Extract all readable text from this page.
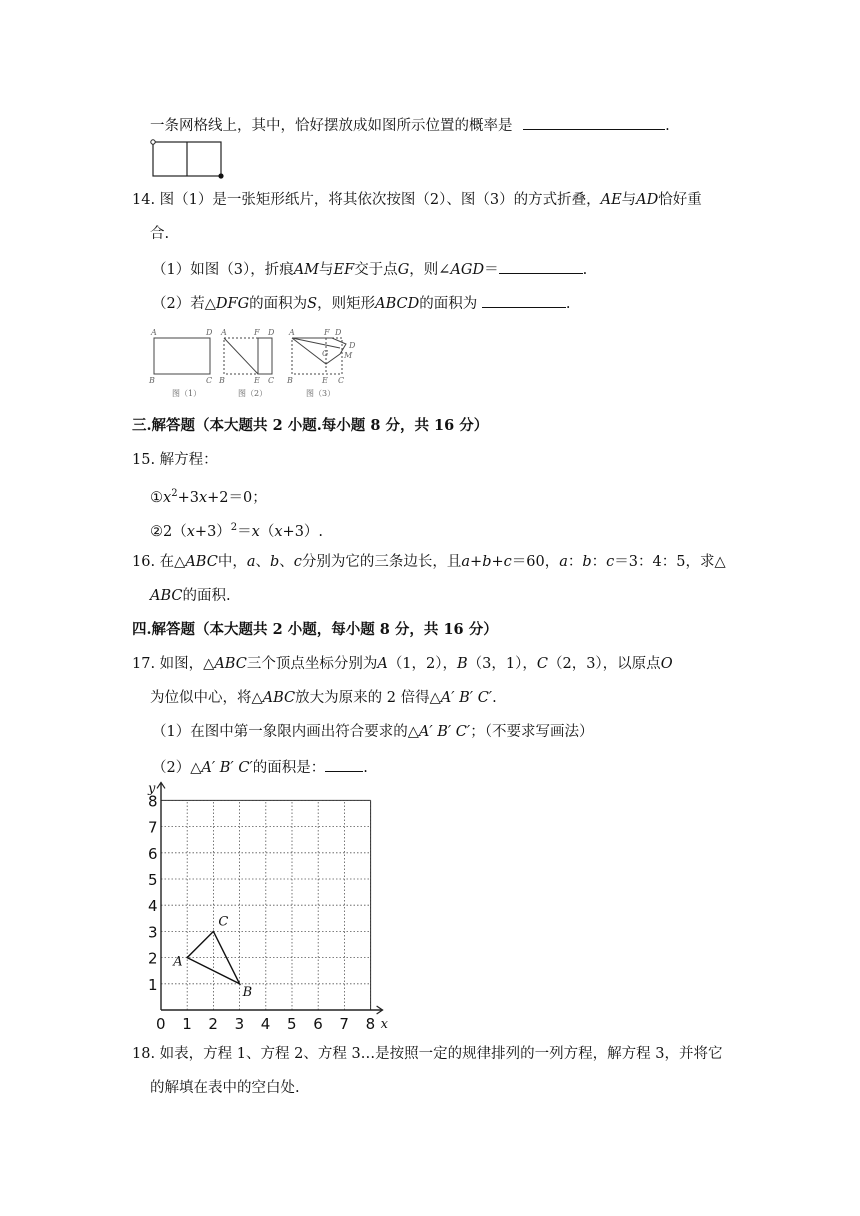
一条网格线上，其中，恰好摆放成如图所示位置的概率是	.
14. 图（1）是一张矩形纸片，将其依次按图（2）、图（3）的方式折叠，AE与AD恰好重
合.
（1）如图（3），折痕AM与EF交于点G，则∠AGD＝	.
（2）若△DFG的面积为S，则矩形ABCD的面积为	.
A	D
B	C
图（1）
A	F D
B	E C
图（2）
A	F D
D
G M
B	E C
图（3）
三.解答题（本大题共 2 小题.每小题 8 分，共 16 分）
15. 解方程：
$①x^2+3x+2=0$；
$②2(x+3)^2=x(x+3)$.
16. 在△ABC中，a、b、c分别为它的三条边长，且a+b+c＝60，a：b：c＝3：4：5，求△
ABC的面积.
四.解答题（本大题共 2 小题，每小题 8 分，共 16 分）
17. 如图，△ABC三个顶点坐标分别为A（1，2），B（3，1），C（2，3），以原点O
为位似中心，将△ABC放大为原来的 2 倍得△A′ B′ C′.
（1）在图中第一象限内画出符合要求的△A′ B′ C′；（不要求写画法）
（2）△A′ B′ C′的面积是：	.
0 1 2 3 4 5 6 7 8
1
2
3
4
5
6
7
8
x
y
A
B
C
18. 如表，方程 1、方程 2、方程 3…是按照一定的规律排列的一列方程，解方程 3，并将它
的解填在表中的空白处.
